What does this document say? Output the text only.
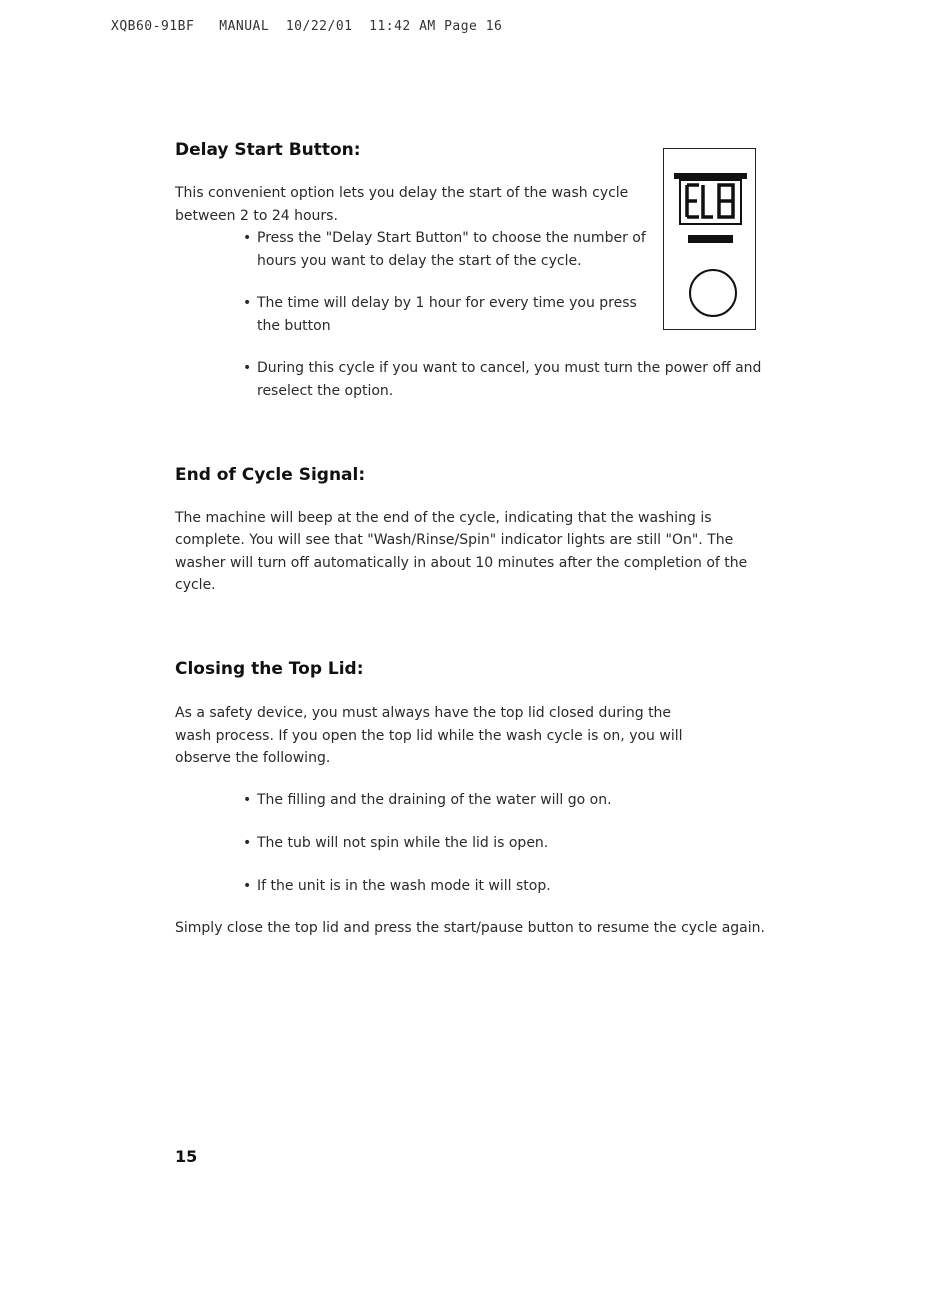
XQB60-91BF   MANUAL  10/22/01  11:42 AM Page 16
Delay Start Button:

This convenient option lets you delay the start of the wash cycle

between 2 to 24 hours.

• Press the "Delay Start Button" to choose the number of

hours you want to delay the start of the cycle.

• The time will delay by 1 hour for every time you press

the button

• During this cycle if you want to cancel, you must turn the power off and

reselect the option.

End of Cycle Signal:

The machine will beep at the end of the cycle, indicating that the washing is

complete. You will see that "Wash/Rinse/Spin" indicator lights are still "On". The

washer will turn off automatically in about 10 minutes after the completion of the

cycle.

Closing the Top Lid:

As a safety device, you must always have the top lid closed during the

wash process. If you open the top lid while the wash cycle is on, you will

observe the following.

• The filling and the draining of the water will go on.
• The tub will not spin while the lid is open.
• If the unit is in the wash mode it will stop.

Simply close the top lid and press the start/pause button to resume the cycle again.

15
